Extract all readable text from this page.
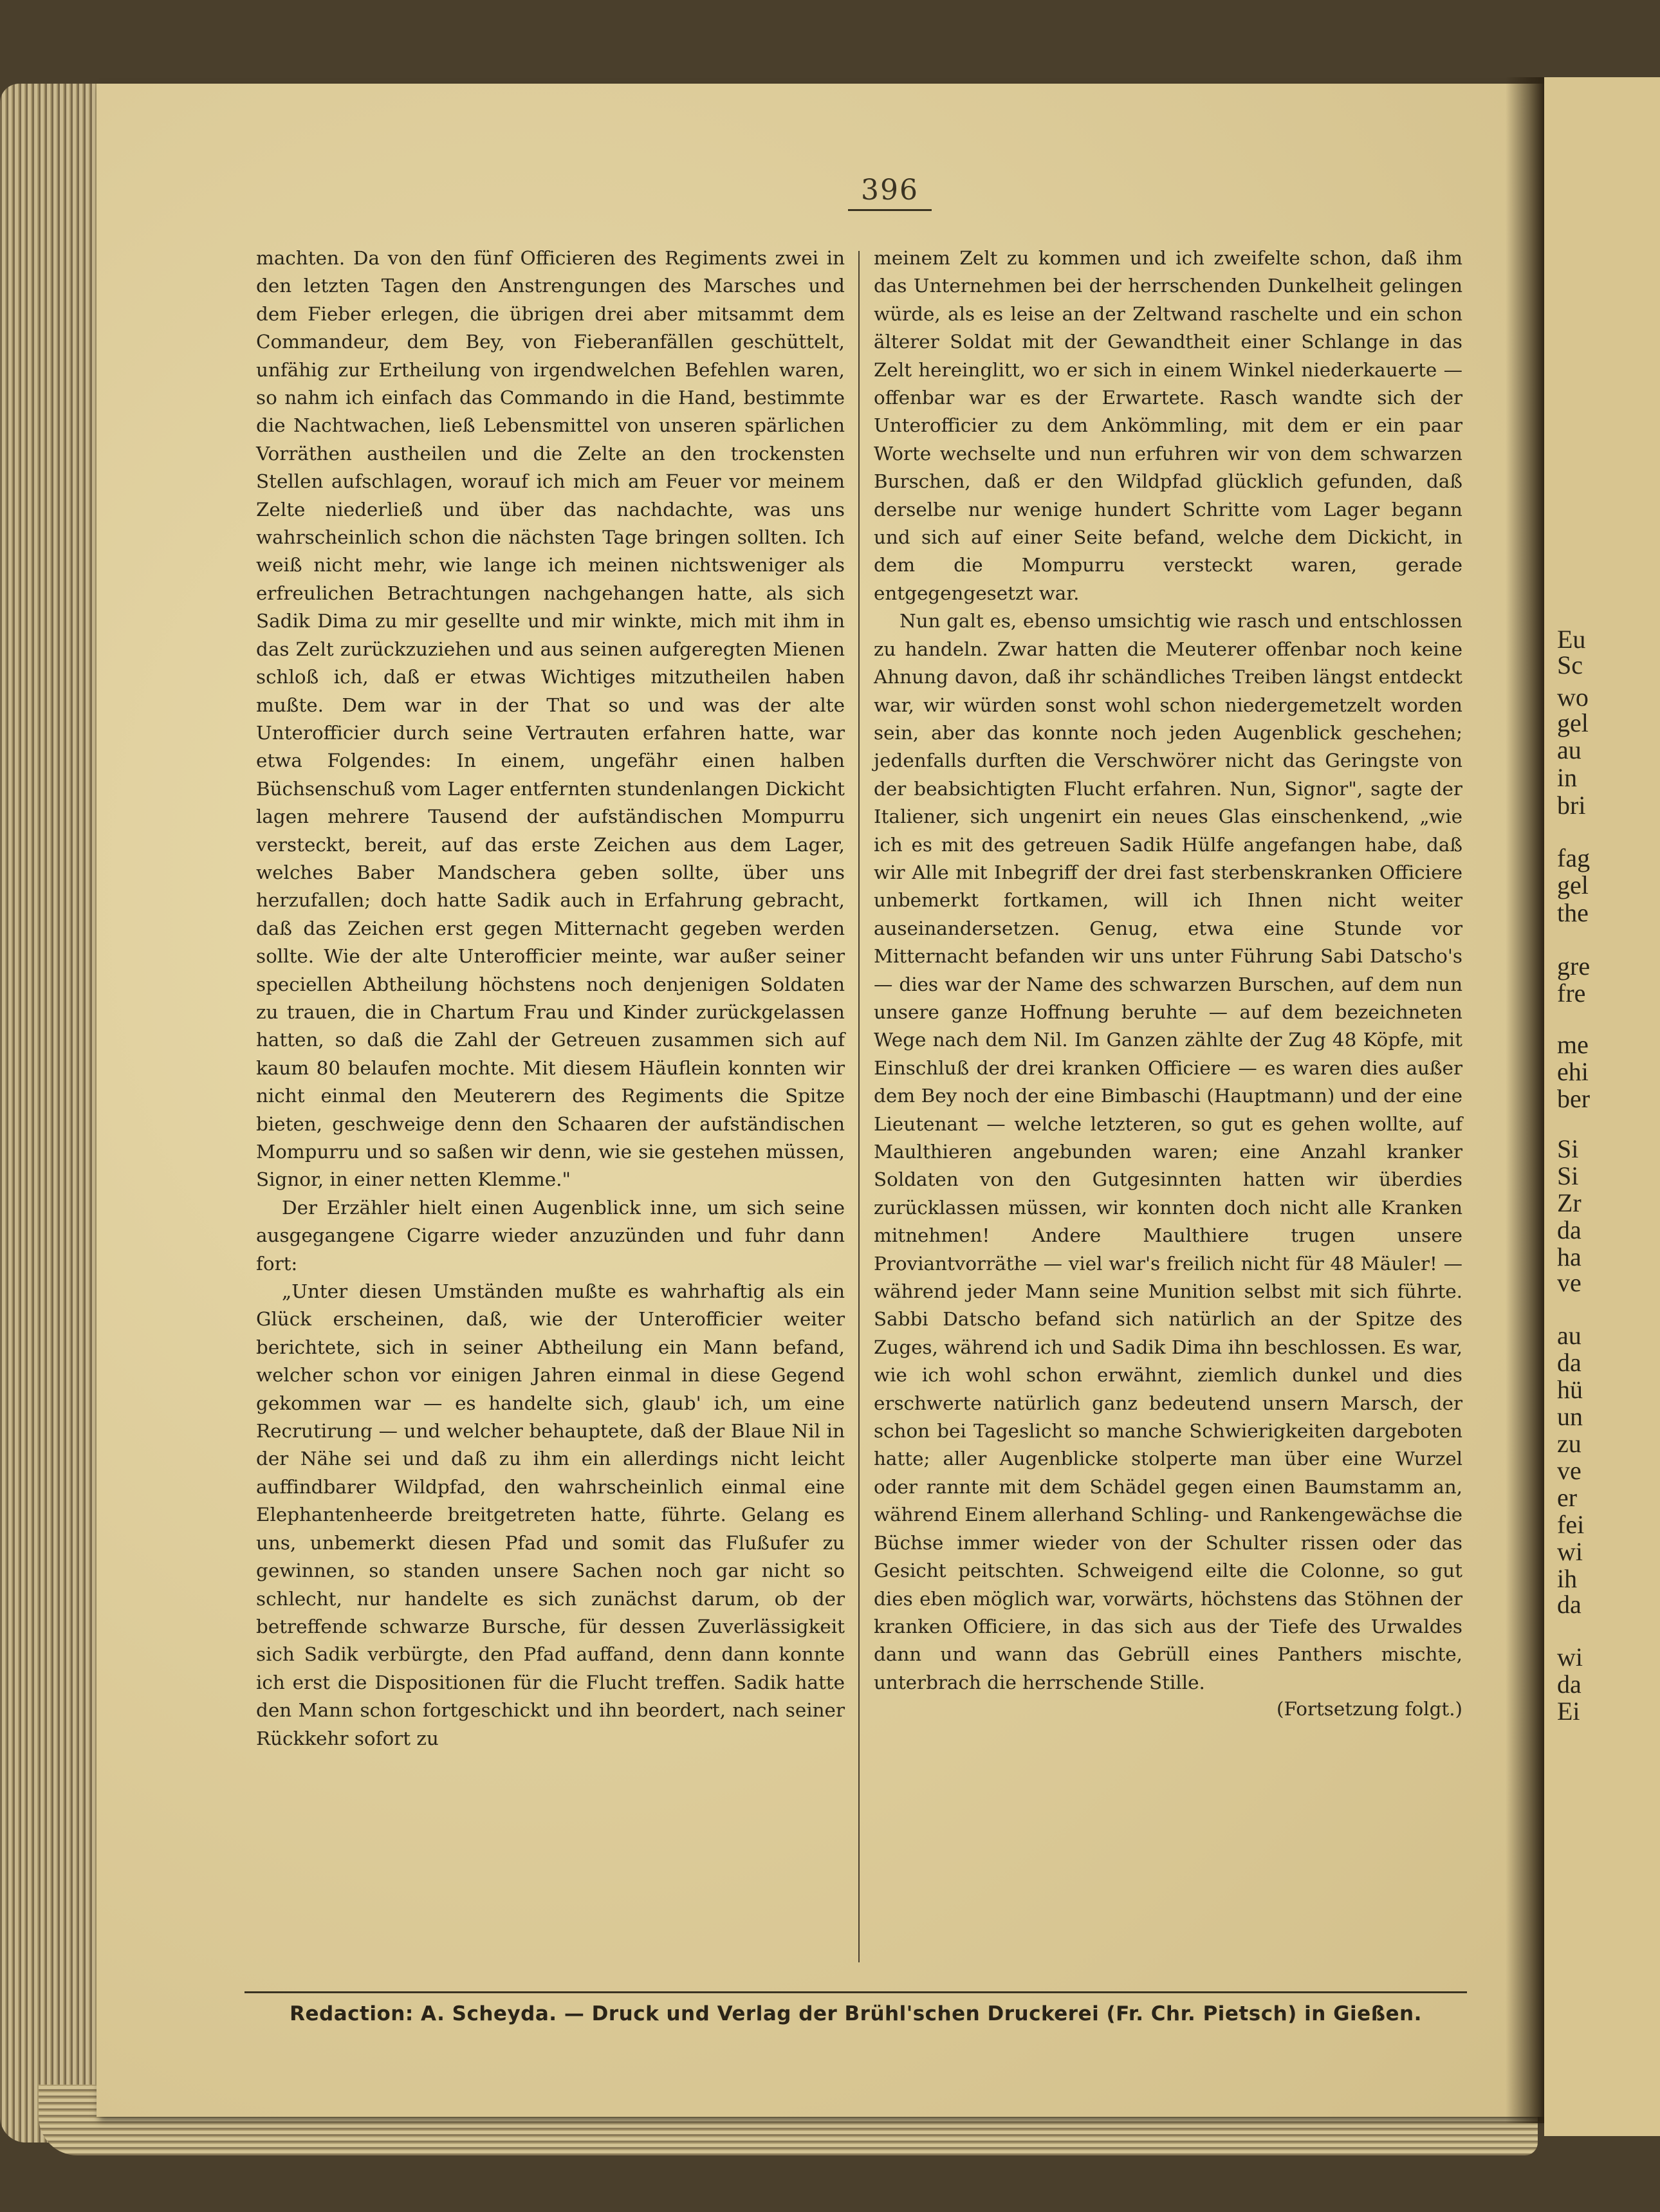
Eu
Sc
wo
gel
au
in
bri
fag
gel
the
gre
fre
me
ehi
ber
Si
Si
Zr
da
ha
ve
au
da
hü
un
zu
ve
er
fei
wi
ih
da
wi
da
Ei
396

machten. Da von den fünf Officieren des Regiments zwei in den letzten Tagen den Anstrengungen des Marsches und dem Fieber erlegen, die übrigen drei aber mitsammt dem Commandeur, dem Bey, von Fieberanfällen geschüttelt, unfähig zur Ertheilung von irgendwelchen Befehlen waren, so nahm ich einfach das Commando in die Hand, bestimmte die Nachtwachen, ließ Lebensmittel von unseren spärlichen Vorräthen austheilen und die Zelte an den trockensten Stellen aufschlagen, worauf ich mich am Feuer vor meinem Zelte niederließ und über das nachdachte, was uns wahrscheinlich schon die nächsten Tage bringen sollten. Ich weiß nicht mehr, wie lange ich meinen nichtsweniger als erfreulichen Betrachtungen nachgehangen hatte, als sich Sadik Dima zu mir gesellte und mir winkte, mich mit ihm in das Zelt zurückzuziehen und aus seinen aufgeregten Mienen schloß ich, daß er etwas Wichtiges mitzutheilen haben mußte. Dem war in der That so und was der alte Unterofficier durch seine Vertrauten erfahren hatte, war etwa Folgendes: In einem, ungefähr einen halben Büchsenschuß vom Lager entfernten stundenlangen Dickicht lagen mehrere Tausend der aufständischen Mompurru versteckt, bereit, auf das erste Zeichen aus dem Lager, welches Baber Mandschera geben sollte, über uns herzufallen; doch hatte Sadik auch in Erfahrung gebracht, daß das Zeichen erst gegen Mitternacht gegeben werden sollte. Wie der alte Unterofficier meinte, war außer seiner speciellen Abtheilung höchstens noch denjenigen Soldaten zu trauen, die in Chartum Frau und Kinder zurückgelassen hatten, so daß die Zahl der Getreuen zusammen sich auf kaum 80 belaufen mochte. Mit diesem Häuflein konnten wir nicht einmal den Meuterern des Regiments die Spitze bieten, geschweige denn den Schaaren der aufständischen Mompurru und so saßen wir denn, wie sie gestehen müssen, Signor, in einer netten Klemme."

Der Erzähler hielt einen Augenblick inne, um sich seine ausgegangene Cigarre wieder anzuzünden und fuhr dann fort:

„Unter diesen Umständen mußte es wahrhaftig als ein Glück erscheinen, daß, wie der Unterofficier weiter berichtete, sich in seiner Abtheilung ein Mann befand, welcher schon vor einigen Jahren einmal in diese Gegend gekommen war — es handelte sich, glaub' ich, um eine Recrutirung — und welcher behauptete, daß der Blaue Nil in der Nähe sei und daß zu ihm ein allerdings nicht leicht auffindbarer Wildpfad, den wahrscheinlich einmal eine Elephantenheerde breitgetreten hatte, führte. Gelang es uns, unbemerkt diesen Pfad und somit das Flußufer zu gewinnen, so standen unsere Sachen noch gar nicht so schlecht, nur handelte es sich zunächst darum, ob der betreffende schwarze Bursche, für dessen Zuverlässigkeit sich Sadik verbürgte, den Pfad auffand, denn dann konnte ich erst die Dispositionen für die Flucht treffen. Sadik hatte den Mann schon fortgeschickt und ihn beordert, nach seiner Rückkehr sofort zu

meinem Zelt zu kommen und ich zweifelte schon, daß ihm das Unternehmen bei der herrschenden Dunkelheit gelingen würde, als es leise an der Zeltwand raschelte und ein schon älterer Soldat mit der Gewandtheit einer Schlange in das Zelt hereinglitt, wo er sich in einem Winkel niederkauerte — offenbar war es der Erwartete. Rasch wandte sich der Unterofficier zu dem Ankömmling, mit dem er ein paar Worte wechselte und nun erfuhren wir von dem schwarzen Burschen, daß er den Wildpfad glücklich gefunden, daß derselbe nur wenige hundert Schritte vom Lager begann und sich auf einer Seite befand, welche dem Dickicht, in dem die Mompurru versteckt waren, gerade entgegengesetzt war.

Nun galt es, ebenso umsichtig wie rasch und entschlossen zu handeln. Zwar hatten die Meuterer offenbar noch keine Ahnung davon, daß ihr schändliches Treiben längst entdeckt war, wir würden sonst wohl schon niedergemetzelt worden sein, aber das konnte noch jeden Augenblick geschehen; jedenfalls durften die Verschwörer nicht das Geringste von der beabsichtigten Flucht erfahren. Nun, Signor", sagte der Italiener, sich ungenirt ein neues Glas einschenkend, „wie ich es mit des getreuen Sadik Hülfe angefangen habe, daß wir Alle mit Inbegriff der drei fast sterbenskranken Officiere unbemerkt fortkamen, will ich Ihnen nicht weiter auseinandersetzen. Genug, etwa eine Stunde vor Mitternacht befanden wir uns unter Führung Sabi Datscho's — dies war der Name des schwarzen Burschen, auf dem nun unsere ganze Hoffnung beruhte — auf dem bezeichneten Wege nach dem Nil. Im Ganzen zählte der Zug 48 Köpfe, mit Einschluß der drei kranken Officiere — es waren dies außer dem Bey noch der eine Bimbaschi (Hauptmann) und der eine Lieutenant — welche letzteren, so gut es gehen wollte, auf Maulthieren angebunden waren; eine Anzahl kranker Soldaten von den Gutgesinnten hatten wir überdies zurücklassen müssen, wir konnten doch nicht alle Kranken mitnehmen! Andere Maulthiere trugen unsere Proviantvorräthe — viel war's freilich nicht für 48 Mäuler! — während jeder Mann seine Munition selbst mit sich führte. Sabbi Datscho befand sich natürlich an der Spitze des Zuges, während ich und Sadik Dima ihn beschlossen. Es war, wie ich wohl schon erwähnt, ziemlich dunkel und dies erschwerte natürlich ganz bedeutend unsern Marsch, der schon bei Tageslicht so manche Schwierigkeiten dargeboten hatte; aller Augenblicke stolperte man über eine Wurzel oder rannte mit dem Schädel gegen einen Baumstamm an, während Einem allerhand Schling- und Rankengewächse die Büchse immer wieder von der Schulter rissen oder das Gesicht peitschten. Schweigend eilte die Colonne, so gut dies eben möglich war, vorwärts, höchstens das Stöhnen der kranken Officiere, in das sich aus der Tiefe des Urwaldes dann und wann das Gebrüll eines Panthers mischte, unterbrach die herrschende Stille.

(Fortsetzung folgt.)
Redaction: A. Scheyda. — Druck und Verlag der Brühl'schen Druckerei (Fr. Chr. Pietsch) in Gießen.
